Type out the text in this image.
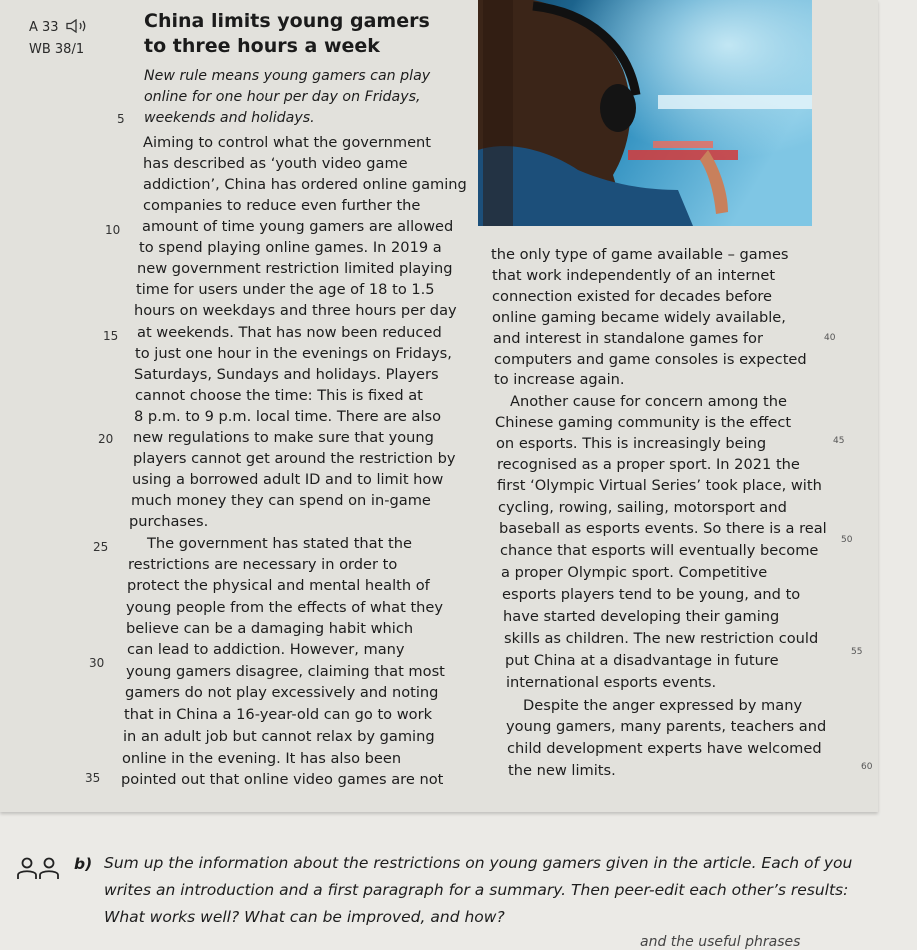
A 33
WB 38/1
China limits young gamers
to three hours a week

New rule means young gamers can play
online for one hour per day on Fridays,
weekends and holidays.

Aiming to control what the government
has described as ‘youth video game
addiction’, China has ordered online gaming
companies to reduce even further the
amount of time young gamers are allowed
to spend playing online games. In 2019 a
new government restriction limited playing
time for users under the age of 18 to 1.5
hours on weekdays and three hours per day
at weekends. That has now been reduced
to just one hour in the evenings on Fridays,
Saturdays, Sundays and holidays. Players
cannot choose the time: This is fixed at
8 p.m. to 9 p.m. local time. There are also
new regulations to make sure that young
players cannot get around the restriction by
using a borrowed adult ID and to limit how
much money they can spend on in-game
purchases.
The government has stated that the
restrictions are necessary in order to
protect the physical and mental health of
young people from the effects of what they
believe can be a damaging habit which
can lead to addiction. However, many
young gamers disagree, claiming that most
gamers do not play excessively and noting
that in China a 16-year-old can go to work
in an adult job but cannot relax by gaming
online in the evening. It has also been
pointed out that online video games are not
the only type of game available – games
that work independently of an internet
connection existed for decades before
online gaming became widely available,
and interest in standalone games for
computers and game consoles is expected
to increase again.
Another cause for concern among the
Chinese gaming community is the effect
on esports. This is increasingly being
recognised as a proper sport. In 2021 the
first ‘Olympic Virtual Series’ took place, with
cycling, rowing, sailing, motorsport and
baseball as esports events. So there is a real
chance that esports will eventually become
a proper Olympic sport. Competitive
esports players tend to be young, and to
have started developing their gaming
skills as children. The new restriction could
put China at a disadvantage in future
international esports events.
Despite the anger expressed by many
young gamers, many parents, teachers and
child development experts have welcomed
the new limits.
5
10
15
20
25
30
35
40
45
50
55
60
b) Sum up the information about the restrictions on young gamers given in the article. Each of you
writes an introduction and a first paragraph for a summary. Then peer-edit each other’s results:
What works well? What can be improved, and how?
and the useful phrases
